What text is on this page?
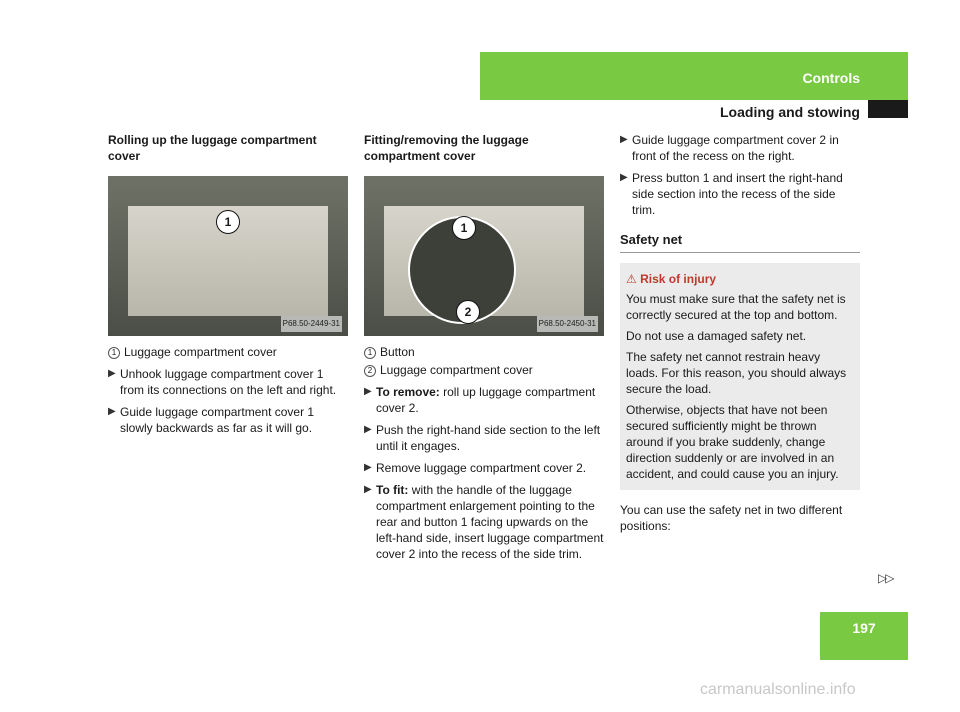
Controls
Loading and stowing
Rolling up the luggage compartment cover
1
P68.50-2449-31
1 Luggage compartment cover
▶ Unhook luggage compartment cover 1 from its connections on the left and right.
▶ Guide luggage compartment cover 1 slowly backwards as far as it will go.
Fitting/removing the luggage compartment cover
1
2
P68.50-2450-31
1 Button
2 Luggage compartment cover
▶ To remove: roll up luggage compartment cover 2.
▶ Push the right-hand side section to the left until it engages.
▶ Remove luggage compartment cover 2.
▶ To fit: with the handle of the luggage compartment enlargement pointing to the rear and button 1 facing upwards on the left-hand side, insert luggage compartment cover 2 into the recess of the side trim.
▶ Guide luggage compartment cover 2 in front of the recess on the right.
▶ Press button 1 and insert the right-hand side section into the recess of the side trim.
Safety net
⚠ Risk of injury

You must make sure that the safety net is correctly secured at the top and bottom.

Do not use a damaged safety net.

The safety net cannot restrain heavy loads. For this reason, you should always secure the load.

Otherwise, objects that have not been secured sufficiently might be thrown around if you brake suddenly, change direction suddenly or are involved in an accident, and could cause you an injury.

You can use the safety net in two different positions:
▷▷
197
carmanualsonline.info
